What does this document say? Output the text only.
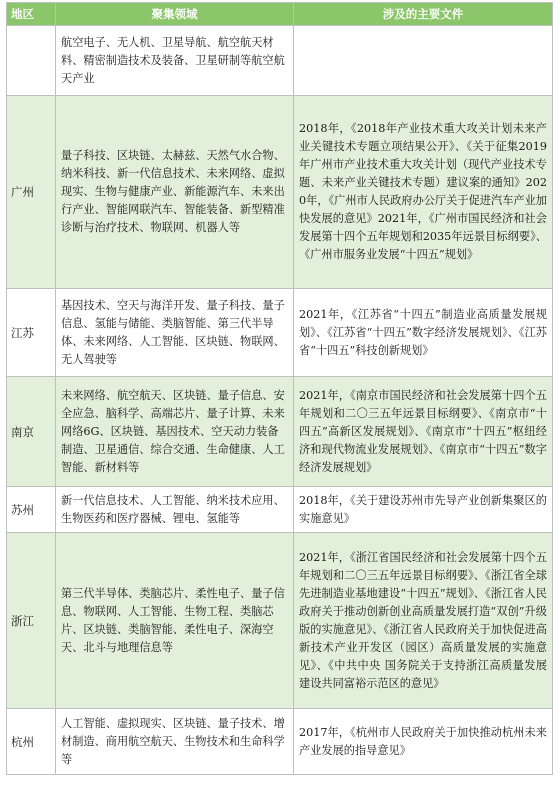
地区	聚集领域	涉及的主要文件
	航空电子、无人机、卫星导航、航空航天材料、精密制造技术及装备、卫星研制等航空航天产业	
广州	量子科技、区块链、太赫兹、天然气水合物、纳米科技、新一代信息技术、未来网络、虚拟现实、生物与健康产业、新能源汽车、未来出行产业、智能网联汽车、智能装备、新型精准诊断与治疗技术、物联网、机器人等	2018年，《2018年产业技术重大攻关计划未来产业关键技术专题立项结果公开》、《关于征集2019年广州市产业技术重大攻关计划（现代产业技术专题、未来产业关键技术专题）建议案的通知》2020年，《广州市人民政府办公厅关于促进汽车产业加快发展的意见》2021年，《广州市国民经济和社会发展第十四个五年规划和2035年远景目标纲要》、《广州市服务业发展“十四五”规划》
江苏	基因技术、空天与海洋开发、量子科技、量子信息、氢能与储能、类脑智能、第三代半导体、未来网络、人工智能、区块链、物联网、无人驾驶等	2021年，《江苏省“十四五”制造业高质量发展规划》、《江苏省“十四五”数字经济发展规划》、《江苏省“十四五”科技创新规划》
南京	未来网络、航空航天、区块链、量子信息、安全应急、脑科学、高端芯片、量子计算、未来网络6G、区块链、基因技术、空天动力装备制造、卫星通信、综合交通、生命健康、人工智能、新材料等	2021年，《南京市国民经济和社会发展第十四个五年规划和二〇三五年远景目标纲要》、《南京市“十四五”高新区发展规划》、《南京市“十四五”枢纽经济和现代物流业发展规划》、《南京市“十四五”数字经济发展规划》
苏州	新一代信息技术、人工智能、纳米技术应用、生物医药和医疗器械、锂电、氢能等	2018年，《关于建设苏州市先导产业创新集聚区的实施意见》
浙江	第三代半导体、类脑芯片、柔性电子、量子信息、物联网、人工智能、生物工程、类脑芯片、区块链、类脑智能、柔性电子、深海空天、北斗与地理信息等	2021年，《浙江省国民经济和社会发展第十四个五年规划和二〇三五年远景目标纲要》、《浙江省全球先进制造业基地建设“十四五”规划》、《浙江省人民政府关于推动创新创业高质量发展打造“双创”升级版的实施意见》、《浙江省人民政府关于加快促进高新技术产业开发区（园区）高质量发展的实施意见》、《中共中央 国务院关于支持浙江高质量发展建设共同富裕示范区的意见》
杭州	人工智能、虚拟现实、区块链、量子技术、增材制造、商用航空航天、生物技术和生命科学等	2017年，《杭州市人民政府关于加快推动杭州未来产业发展的指导意见》
